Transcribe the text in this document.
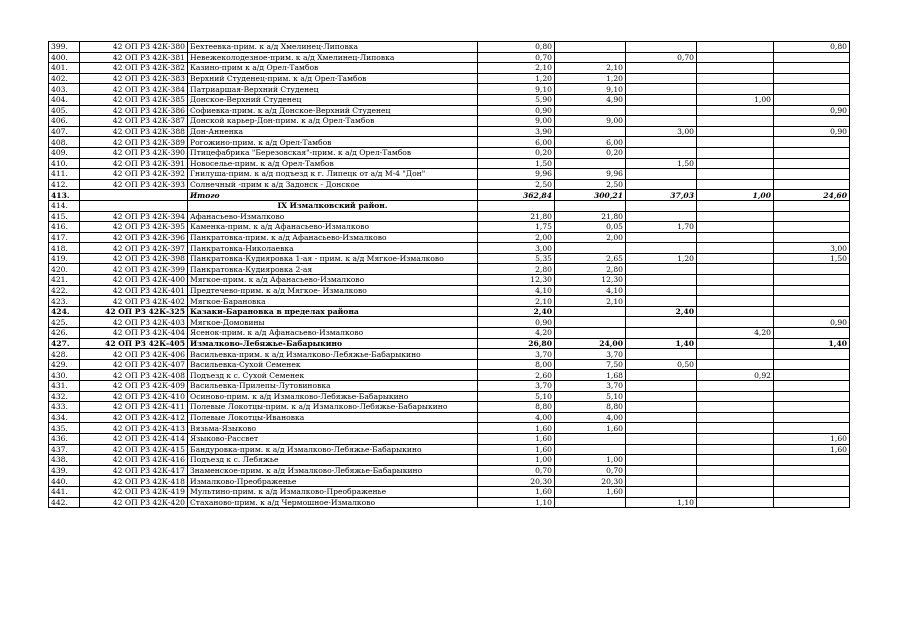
399.	42 ОП РЗ 42К-380	Бехтеевка-прим. к а/д Хмелинец-Липовка	0,80				0,80
400.	42 ОП РЗ 42К-381	Невежеколодезное-прим. к а/д Хмелинец-Липовка	0,70		0,70		
401.	42 ОП РЗ 42К-382	Казино-прим к а/д Орел-Тамбов	2,10	2,10			
402.	42 ОП РЗ 42К-383	Верхний Студенец-прим. к а/д Орел-Тамбов	1,20	1,20			
403.	42 ОП РЗ 42К-384	Патриаршая-Верхний Студенец	9,10	9,10			
404.	42 ОП РЗ 42К-385	Донское-Верхний Студенец	5,90	4,90		1,00	
405.	42 ОП РЗ 42К-386	Софиевка-прим. к а/д Донское-Верхний Студенец	0,90				0,90
406.	42 ОП РЗ 42К-387	Донской карьер-Дон-прим. к а/д Орел-Тамбов	9,00	9,00			
407.	42 ОП РЗ 42К-388	Дон-Анненка	3,90		3,00		0,90
408.	42 ОП РЗ 42К-389	Рогожино-прим. к а/д Орел-Тамбов	6,00	6,00			
409.	42 ОП РЗ 42К-390	Птицефабрика "Березовская"-прим. к а/д Орел-Тамбов	0,20	0,20			
410.	42 ОП РЗ 42К-391	Новоселье-прим. к а/д Орел-Тамбов	1,50		1,50		
411.	42 ОП РЗ 42К-392	Гнилуша-прим. к а/д подъезд к г. Липецк от а/д М-4 "Дон"	9,96	9,96			
412.	42 ОП РЗ 42К-393	Солнечный -прим к а/д Задонск - Донское	2,50	2,50			
413.		Итого	362,84	300,21	37,03	1,00	24,60
414.		IX Измалковский район.					
415.	42 ОП РЗ 42К-394	Афанасьево-Измалково	21,80	21,80			
416.	42 ОП РЗ 42К-395	Каменка-прим. к а/д Афанасьево-Измалково	1,75	0,05	1,70		
417.	42 ОП РЗ 42К-396	Панкратовка-прим. к а/д Афанасьево-Измалково	2,00	2,00			
418.	42 ОП РЗ 42К-397	Панкратовка-Николаевка	3,00				3,00
419.	42 ОП РЗ 42К-398	Панкратовка-Кудияровка 1-ая - прим. к а/д Мягкое-Измалково	5,35	2,65	1,20		1,50
420.	42 ОП РЗ 42К-399	Панкратовка-Кудияровка 2-ая	2,80	2,80			
421.	42 ОП РЗ 42К-400	Мягкое-прим. к а/д Афанасьево-Измалково	12,30	12,30			
422.	42 ОП РЗ 42К-401	Предтечево-прим. к а/д Мягкое- Измалково	4,10	4,10			
423.	42 ОП РЗ 42К-402	Мягкое-Барановка	2,10	2,10			
424.	42 ОП РЗ 42К-325	Казаки-Барановка в пределах района	2,40		2,40		
425.	42 ОП РЗ 42К-403	Мягкое-Домовины	0,90				0,90
426.	42 ОП РЗ 42К-404	Ясенок-прим. к а/д Афанасьево-Измалково	4,20			4,20	
427.	42 ОП РЗ 42К-405	Измалково-Лебяжье-Бабарыкино	26,80	24,00	1,40		1,40
428.	42 ОП РЗ 42К-406	Васильевка-прим. к а/д Измалково-Лебяжье-Бабарыкино	3,70	3,70			
429.	42 ОП РЗ 42К-407	Васильевка-Сухой Семенек	8,00	7,50	0,50		
430.	42 ОП РЗ 42К-408	Подъезд к с. Сухой Семенек	2,60	1,68		0,92	
431.	42 ОП РЗ 42К-409	Васильевка-Прилепы-Лутовиновка	3,70	3,70			
432.	42 ОП РЗ 42К-410	Осиново-прим. к а/д Измалково-Лебяжье-Бабарыкино	5,10	5,10			
433.	42 ОП РЗ 42К-411	Полевые Локотцы-прим. к а/д Измалково-Лебяжье-Бабарыкино	8,80	8,80			
434.	42 ОП РЗ 42К-412	Полевые Локотцы-Ивановка	4,00	4,00			
435.	42 ОП РЗ 42К-413	Вязьма-Языково	1,60	1,60			
436.	42 ОП РЗ 42К-414	Языково-Рассвет	1,60				1,60
437.	42 ОП РЗ 42К-415	Бандуровка-прим. к а/д Измалково-Лебяжье-Бабарыкино	1,60				1,60
438.	42 ОП РЗ 42К-416	Подъезд к с. Лебяжье	1,00	1,00			
439.	42 ОП РЗ 42К-417	Знаменское-прим. к а/д Измалково-Лебяжье-Бабарыкино	0,70	0,70			
440.	42 ОП РЗ 42К-418	Измалково-Преображенье	20,30	20,30			
441.	42 ОП РЗ 42К-419	Мультино-прим. к а/д Измалково-Преображенье	1,60	1,60			
442.	42 ОП РЗ 42К-420	Стаханово-прим. к а/д Чермошное-Измалково	1,10		1,10		
